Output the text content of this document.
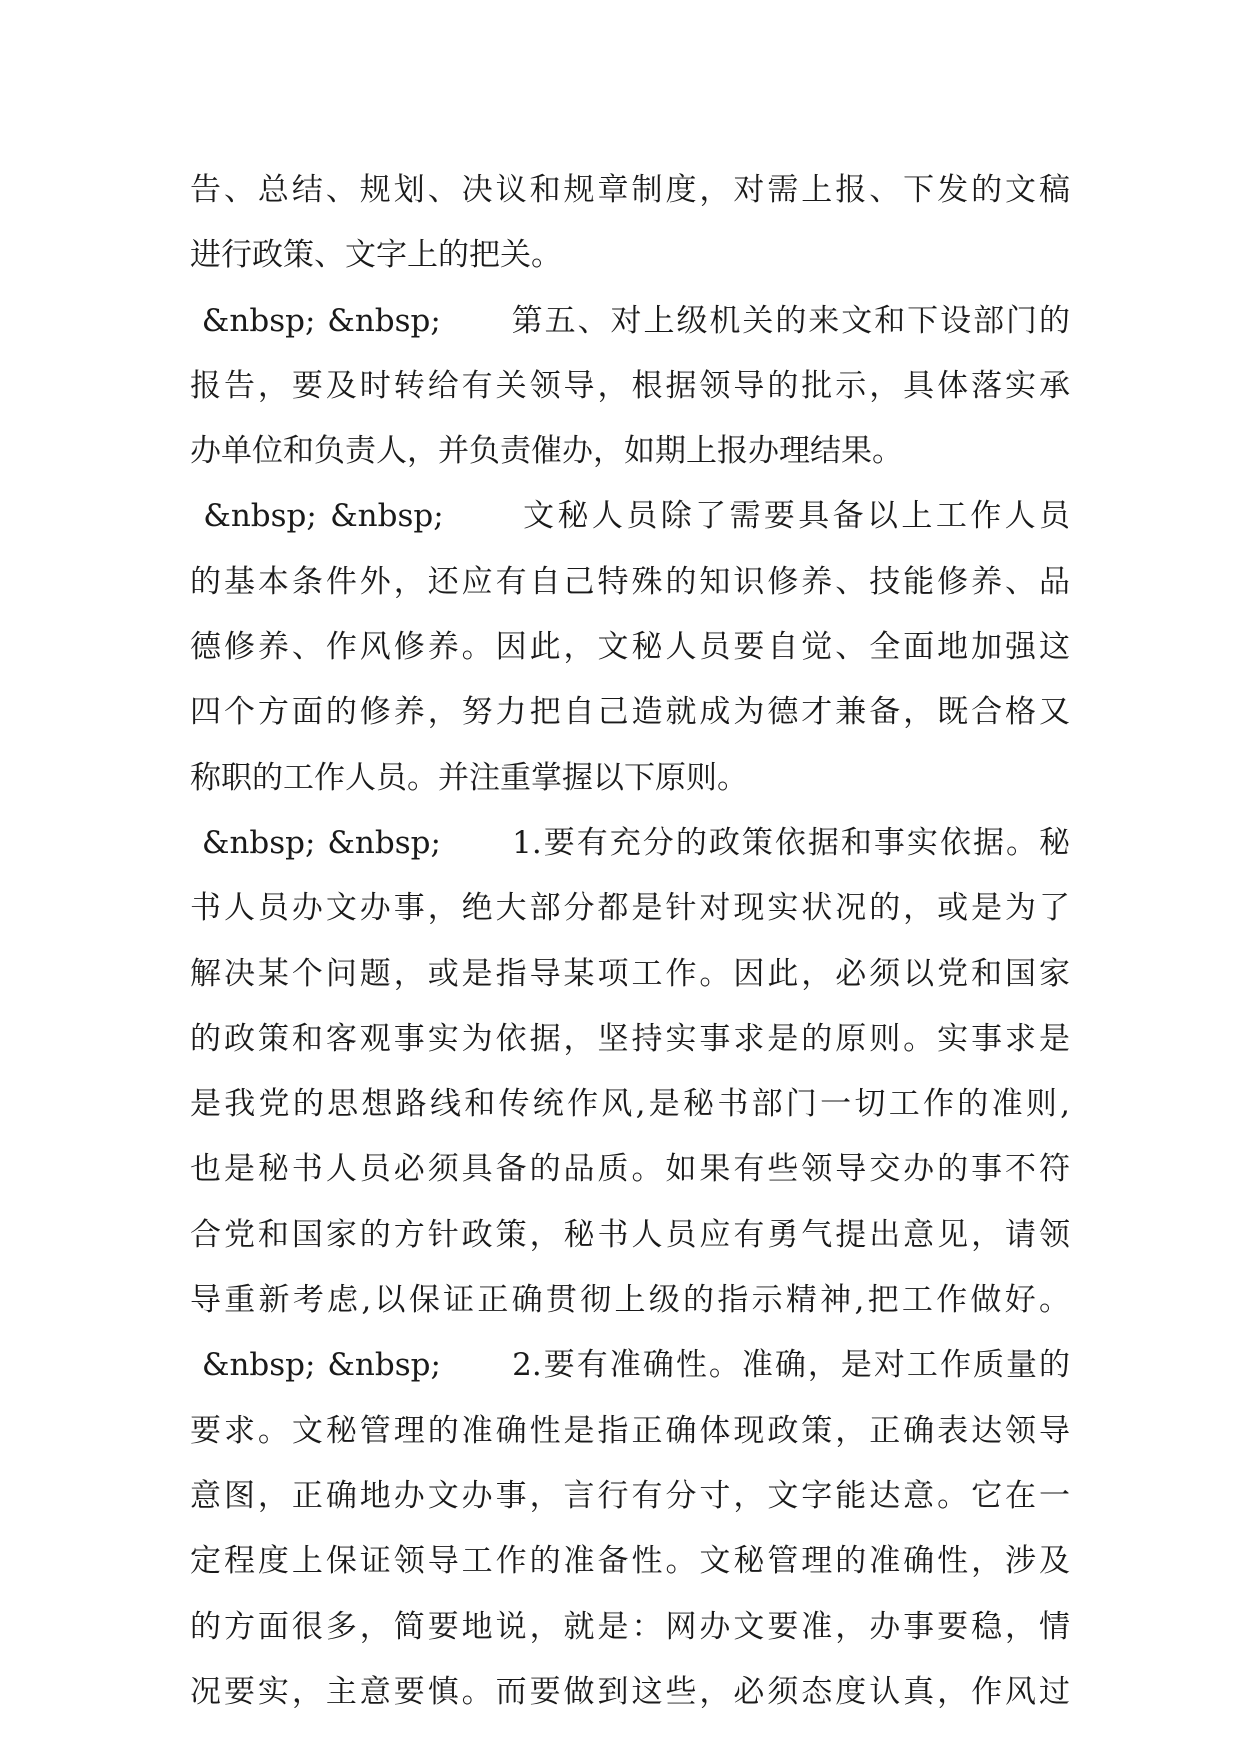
告、总结、规划、决议和规章制度，对需上报、下发的文稿
进行政策、文字上的把关。
&nbsp; &nbsp;      第五、对上级机关的来文和下设部门的
报告，要及时转给有关领导，根据领导的批示，具体落实承
办单位和负责人，并负责催办，如期上报办理结果。
&nbsp; &nbsp;      文秘人员除了需要具备以上工作人员
的基本条件外，还应有自己特殊的知识修养、技能修养、品
德修养、作风修养。因此，文秘人员要自觉、全面地加强这
四个方面的修养，努力把自己造就成为德才兼备，既合格又
称职的工作人员。并注重掌握以下原则。
&nbsp; &nbsp;      1.要有充分的政策依据和事实依据。秘
书人员办文办事，绝大部分都是针对现实状况的，或是为了
解决某个问题，或是指导某项工作。因此，必须以党和国家
的政策和客观事实为依据，坚持实事求是的原则。实事求是
是我党的思想路线和传统作风,是秘书部门一切工作的准则,
也是秘书人员必须具备的品质。如果有些领导交办的事不符
合党和国家的方针政策，秘书人员应有勇气提出意见，请领
导重新考虑,以保证正确贯彻上级的指示精神,把工作做好。
&nbsp; &nbsp;      2.要有准确性。准确，是对工作质量的
要求。文秘管理的准确性是指正确体现政策，正确表达领导
意图，正确地办文办事，言行有分寸，文字能达意。它在一
定程度上保证领导工作的准备性。文秘管理的准确性，涉及
的方面很多，简要地说，就是：网办文要准，办事要稳，情
况要实，主意要慎。而要做到这些，必须态度认真，作风过
